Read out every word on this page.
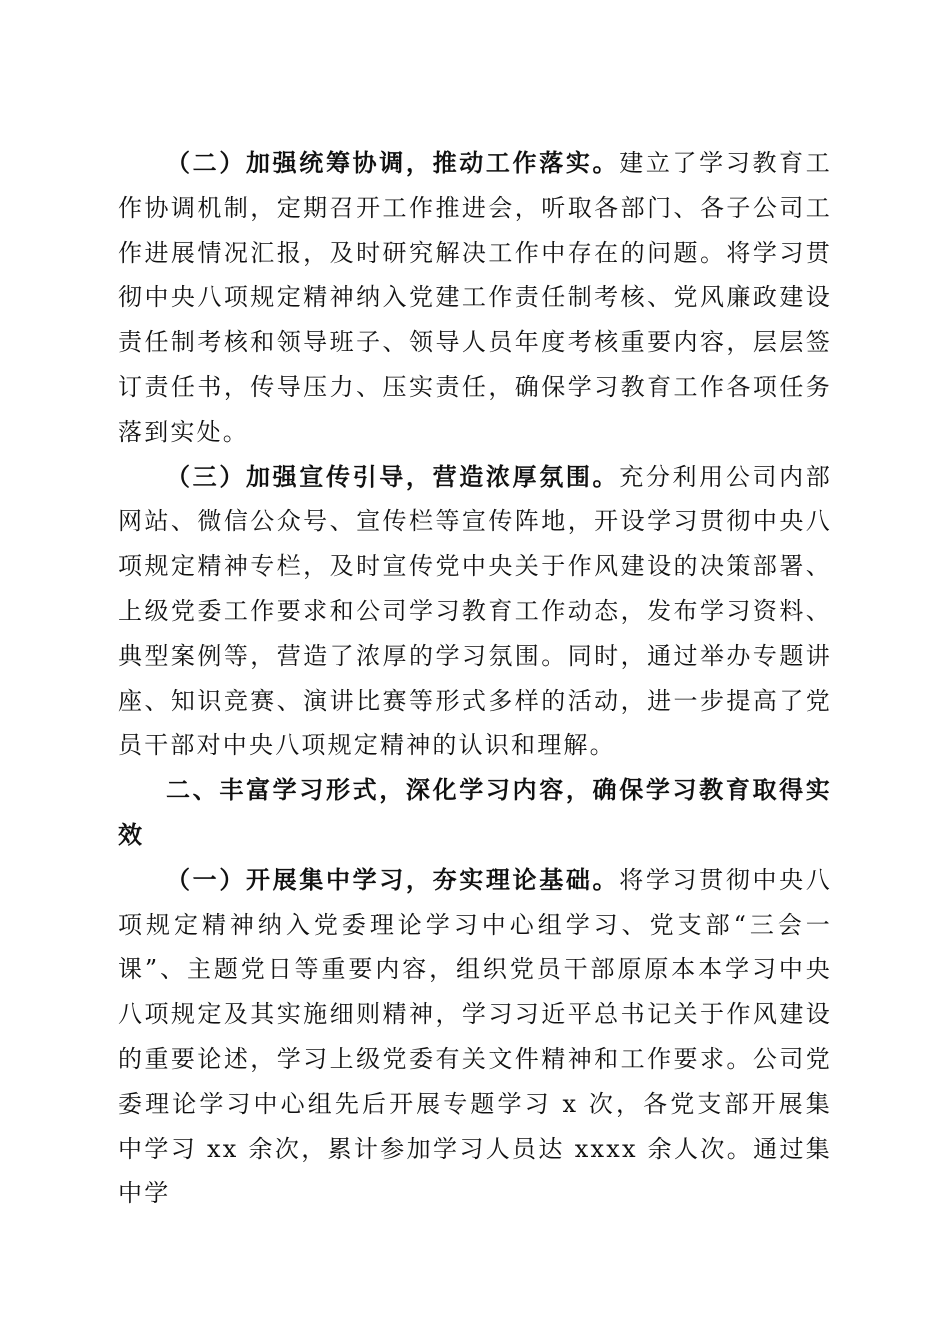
（二）加强统筹协调，推动工作落实。建立了学习教育工作协调机制，定期召开工作推进会，听取各部门、各子公司工作进展情况汇报，及时研究解决工作中存在的问题。将学习贯彻中央八项规定精神纳入党建工作责任制考核、党风廉政建设责任制考核和领导班子、领导人员年度考核重要内容，层层签订责任书，传导压力、压实责任，确保学习教育工作各项任务落到实处。

（三）加强宣传引导，营造浓厚氛围。充分利用公司内部网站、微信公众号、宣传栏等宣传阵地，开设学习贯彻中央八项规定精神专栏，及时宣传党中央关于作风建设的决策部署、上级党委工作要求和公司学习教育工作动态，发布学习资料、典型案例等，营造了浓厚的学习氛围。同时，通过举办专题讲座、知识竞赛、演讲比赛等形式多样的活动，进一步提高了党员干部对中央八项规定精神的认识和理解。

二、丰富学习形式，深化学习内容，确保学习教育取得实效

（一）开展集中学习，夯实理论基础。将学习贯彻中央八项规定精神纳入党委理论学习中心组学习、党支部“三会一课”、主题党日等重要内容，组织党员干部原原本本学习中央八项规定及其实施细则精神，学习习近平总书记关于作风建设的重要论述，学习上级党委有关文件精神和工作要求。公司党委理论学习中心组先后开展专题学习 x 次，各党支部开展集中学习 xx 余次，累计参加学习人员达 xxxx 余人次。通过集中学
